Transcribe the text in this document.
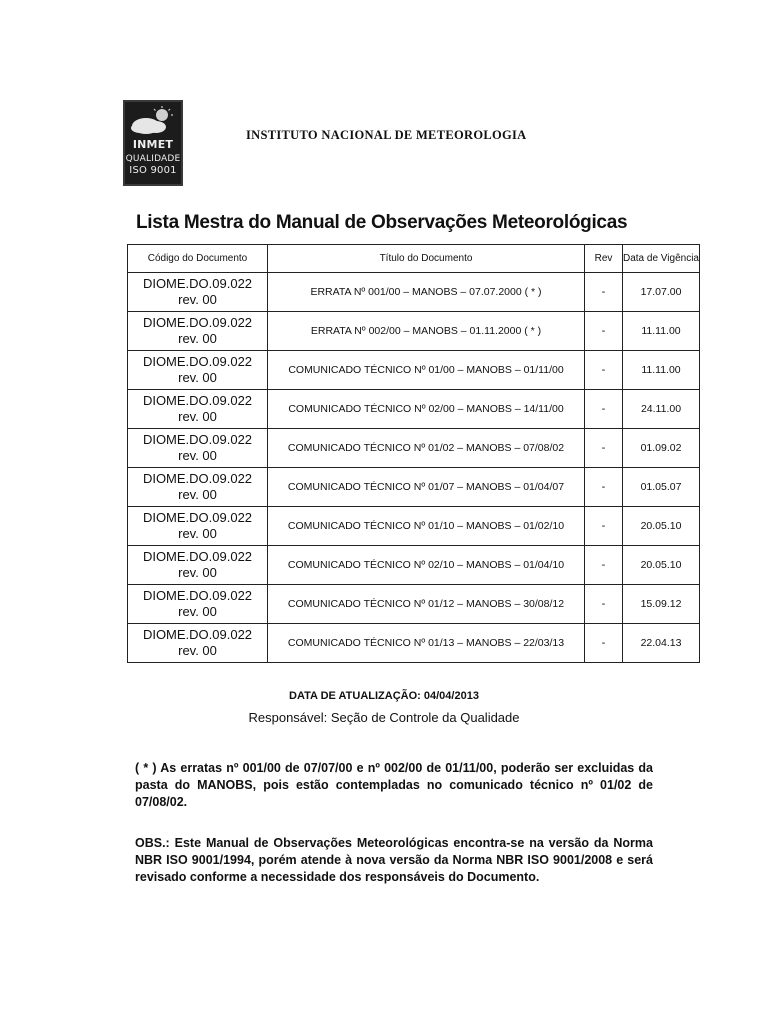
INMET
QUALIDADE
ISO 9001
INSTITUTO NACIONAL DE METEOROLOGIA
Lista Mestra do Manual de Observações Meteorológicas
Código do Documento	Título do Documento	Rev	Data de Vigência

DIOME.DO.09.022
rev. 00	ERRATA Nº 001/00 – MANOBS – 07.07.2000 ( * )	-	17.07.00

DIOME.DO.09.022
rev. 00	ERRATA Nº 002/00 – MANOBS – 01.11.2000 ( * )	-	11.11.00

DIOME.DO.09.022
rev. 00	COMUNICADO TÉCNICO Nº 01/00 – MANOBS – 01/11/00	-	11.11.00

DIOME.DO.09.022
rev. 00	COMUNICADO TÉCNICO Nº 02/00 – MANOBS – 14/11/00	-	24.11.00

DIOME.DO.09.022
rev. 00	COMUNICADO TÉCNICO Nº 01/02 – MANOBS – 07/08/02	-	01.09.02

DIOME.DO.09.022
rev. 00	COMUNICADO TÉCNICO Nº 01/07 – MANOBS – 01/04/07	-	01.05.07

DIOME.DO.09.022
rev. 00	COMUNICADO TÉCNICO Nº 01/10 – MANOBS – 01/02/10	-	20.05.10

DIOME.DO.09.022
rev. 00	COMUNICADO TÉCNICO Nº 02/10 – MANOBS – 01/04/10	-	20.05.10

DIOME.DO.09.022
rev. 00	COMUNICADO TÉCNICO Nº 01/12 – MANOBS – 30/08/12	-	15.09.12

DIOME.DO.09.022
rev. 00	COMUNICADO TÉCNICO Nº 01/13 – MANOBS – 22/03/13	-	22.04.13
DATA DE ATUALIZAÇÃO: 04/04/2013
Responsável: Seção de Controle da Qualidade
( * ) As erratas nº 001/00 de 07/07/00 e nº 002/00 de 01/11/00, poderão ser excluidas da pasta do MANOBS, pois estão contempladas no comunicado técnico nº 01/02 de 07/08/02.
OBS.: Este Manual de Observações Meteorológicas encontra-se na versão da Norma NBR ISO 9001/1994, porém atende à nova versão da Norma NBR ISO 9001/2008 e será revisado conforme a necessidade dos responsáveis do Documento.
